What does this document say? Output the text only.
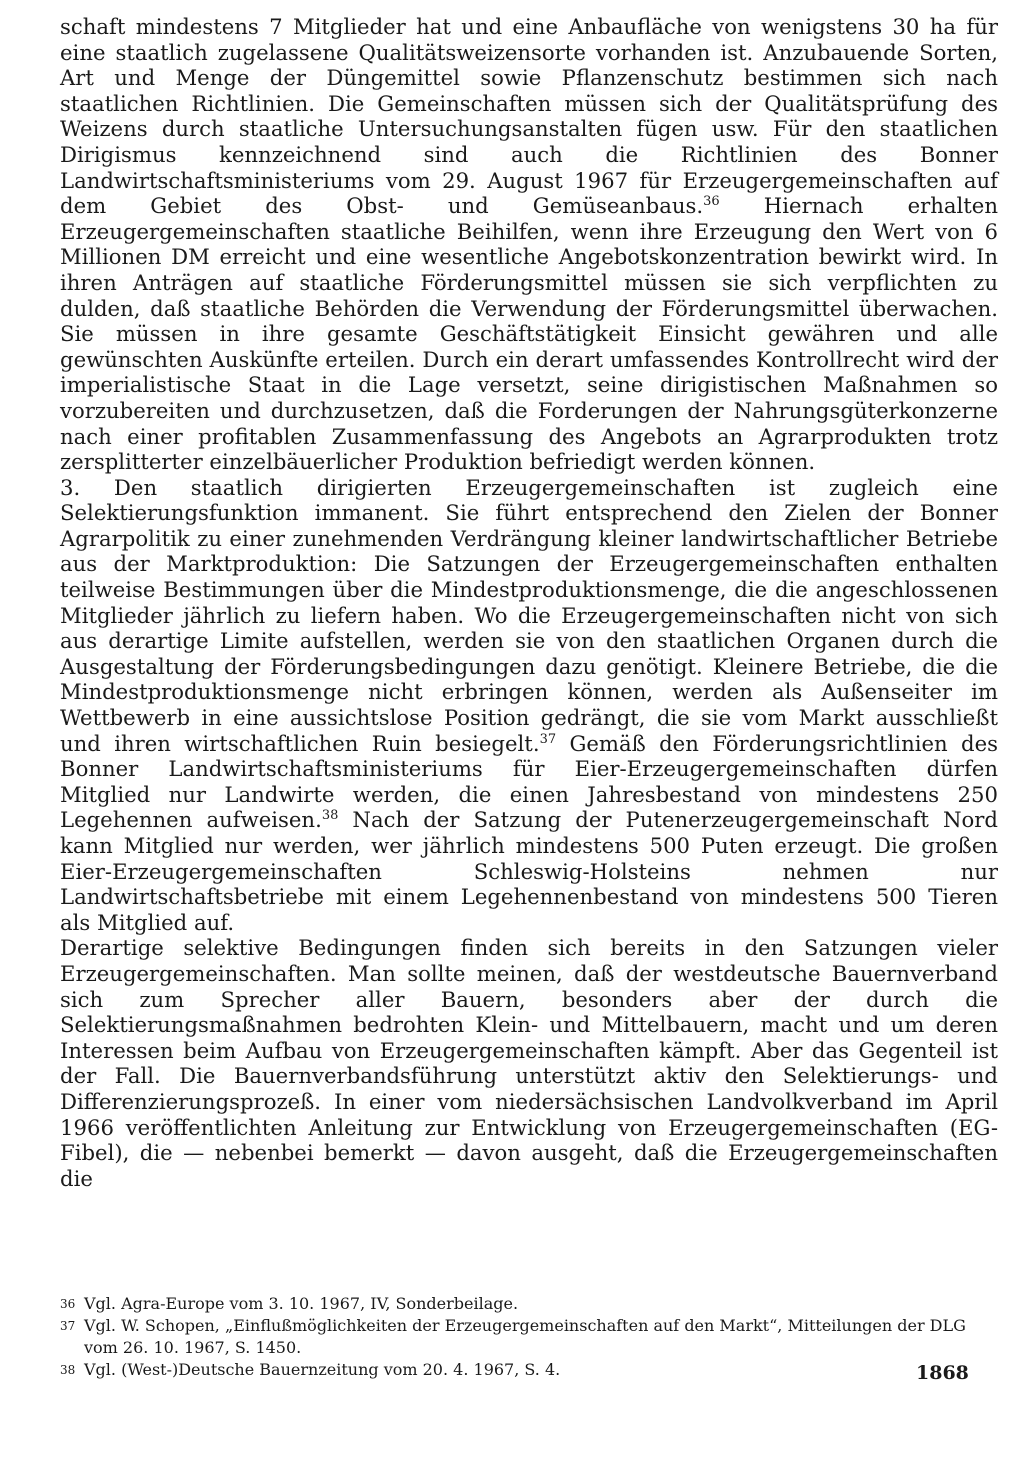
schaft mindestens 7 Mitglieder hat und eine Anbaufläche von wenigstens 30 ha für eine staatlich zugelassene Qualitätsweizensorte vorhanden ist. Anzubauende Sorten, Art und Menge der Düngemittel sowie Pflanzenschutz bestimmen sich nach staatlichen Richtlinien. Die Gemeinschaften müssen sich der Qualitätsprüfung des Weizens durch staatliche Untersuchungsanstalten fügen usw. Für den staatlichen Dirigismus kennzeichnend sind auch die Richtlinien des Bonner Landwirtschaftsministeriums vom 29. August 1967 für Erzeugergemeinschaften auf dem Gebiet des Obst- und Gemüseanbaus.$^{36}$ Hiernach erhalten Erzeugergemeinschaften staatliche Beihilfen, wenn ihre Erzeugung den Wert von 6 Millionen DM erreicht und eine wesentliche Angebotskonzentration bewirkt wird. In ihren Anträgen auf staatliche Förderungsmittel müssen sie sich verpflichten zu dulden, daß staatliche Behörden die Verwendung der Förderungsmittel überwachen. Sie müssen in ihre gesamte Geschäftstätigkeit Einsicht gewähren und alle gewünschten Auskünfte erteilen. Durch ein derart umfassendes Kontrollrecht wird der imperialistische Staat in die Lage versetzt, seine dirigistischen Maßnahmen so vorzubereiten und durchzusetzen, daß die Forderungen der Nahrungsgüterkonzerne nach einer profitablen Zusammenfassung des Angebots an Agrarprodukten trotz zersplitterter einzelbäuerlicher Produktion befriedigt werden können.

3. Den staatlich dirigierten Erzeugergemeinschaften ist zugleich eine Selektierungsfunktion immanent. Sie führt entsprechend den Zielen der Bonner Agrarpolitik zu einer zunehmenden Verdrängung kleiner landwirtschaftlicher Betriebe aus der Marktproduktion: Die Satzungen der Erzeugergemeinschaften enthalten teilweise Bestimmungen über die Mindestproduktionsmenge, die die angeschlossenen Mitglieder jährlich zu liefern haben. Wo die Erzeugergemeinschaften nicht von sich aus derartige Limite aufstellen, werden sie von den staatlichen Organen durch die Ausgestaltung der Förderungsbedingungen dazu genötigt. Kleinere Betriebe, die die Mindestproduktionsmenge nicht erbringen können, werden als Außenseiter im Wettbewerb in eine aussichtslose Position gedrängt, die sie vom Markt ausschließt und ihren wirtschaftlichen Ruin besiegelt.$^{37}$ Gemäß den Förderungsrichtlinien des Bonner Landwirtschaftsministeriums für Eier-Erzeugergemeinschaften dürfen Mitglied nur Landwirte werden, die einen Jahresbestand von mindestens 250 Legehennen aufweisen.$^{38}$ Nach der Satzung der Putenerzeugergemeinschaft Nord kann Mitglied nur werden, wer jährlich mindestens 500 Puten erzeugt. Die großen Eier-Erzeugergemeinschaften Schleswig-Holsteins nehmen nur Landwirtschaftsbetriebe mit einem Legehennenbestand von mindestens 500 Tieren als Mitglied auf.

Derartige selektive Bedingungen finden sich bereits in den Satzungen vieler Erzeugergemeinschaften. Man sollte meinen, daß der westdeutsche Bauernverband sich zum Sprecher aller Bauern, besonders aber der durch die Selektierungsmaßnahmen bedrohten Klein- und Mittelbauern, macht und um deren Interessen beim Aufbau von Erzeugergemeinschaften kämpft. Aber das Gegenteil ist der Fall. Die Bauernverbandsführung unterstützt aktiv den Selektierungs- und Differenzierungsprozeß. In einer vom niedersächsischen Landvolkverband im April 1966 veröffentlichten Anleitung zur Entwicklung von Erzeugergemeinschaften (EG-Fibel), die — nebenbei bemerkt — davon ausgeht, daß die Erzeugergemeinschaften die

36 Vgl. Agra-Europe vom 3. 10. 1967, IV, Sonderbeilage.
37 Vgl. W. Schopen, „Einflußmöglichkeiten der Erzeugergemeinschaften auf den Markt“, Mitteilungen der DLG vom 26. 10. 1967, S. 1450.
38 Vgl. (West-)Deutsche Bauernzeitung vom 20. 4. 1967, S. 4.	1868
